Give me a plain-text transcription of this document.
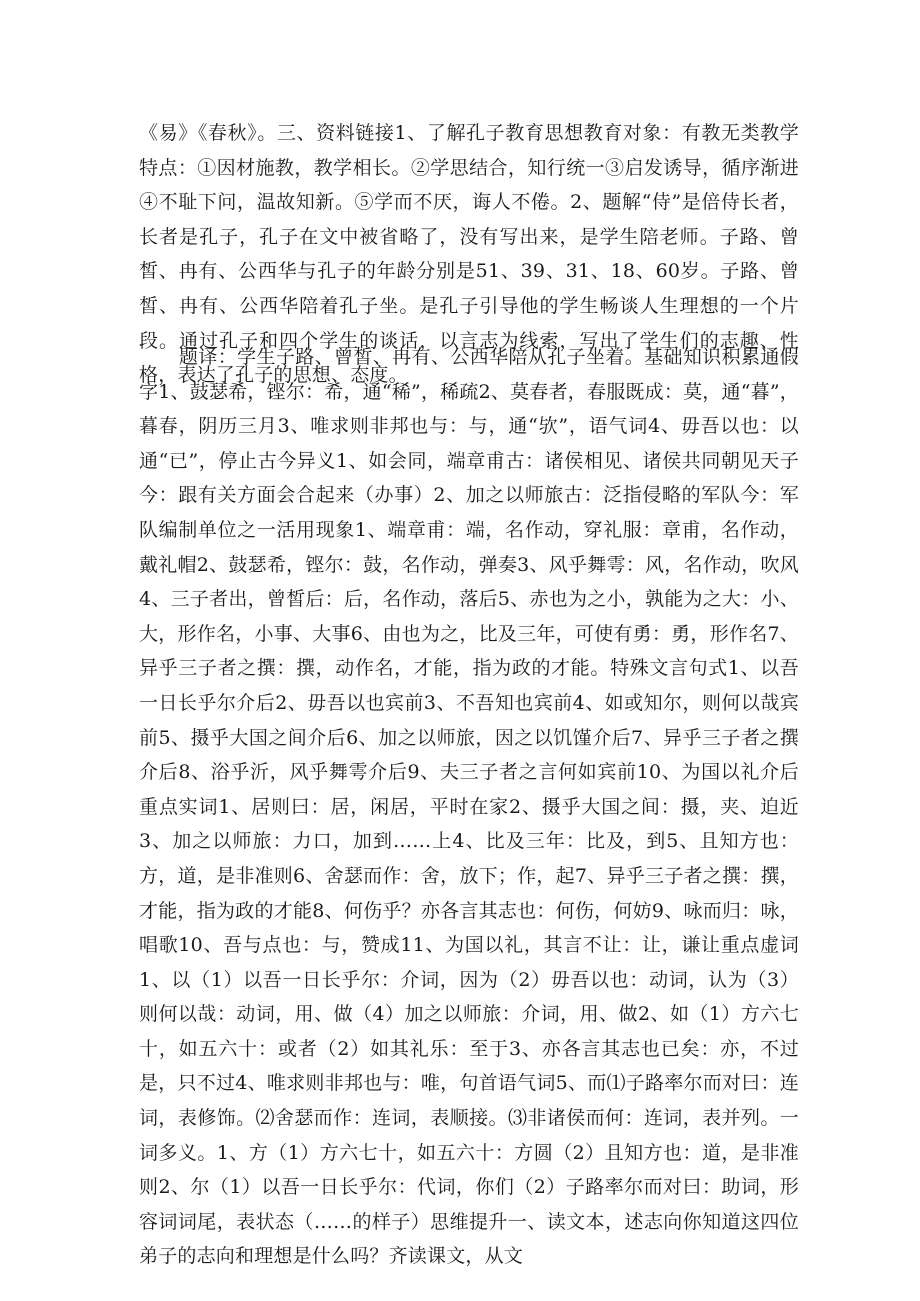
《易》《春秋》。三、资料链接1、了解孔子教育思想教育对象：有教无类教学特点：①因材施教，教学相长。②学思结合，知行统一③启发诱导，循序渐进④不耻下问，温故知新。⑤学而不厌，诲人不倦。2、题解“侍”是倍侍长者，长者是孔子，孔子在文中被省略了，没有写出来，是学生陪老师。子路、曾皙、冉有、公西华与孔子的年龄分别是51、39、31、18、60岁。子路、曾皙、冉有、公西华陪着孔子坐。是孔子引导他的学生畅谈人生理想的一个片段。通过孔子和四个学生的谈话，以言志为线索，写出了学生们的志趣、性格，表达了孔子的思想、态度。

题译：学生子路、曾皙、冉有、公西华陪从孔子坐着。基础知识积累通假字1、鼓瑟希，铿尔：希，通“稀”，稀疏2、莫春者，春服既成：莫，通“暮”，暮春，阴历三月3、唯求则非邦也与：与，通“欤”，语气词4、毋吾以也：以通“已”，停止古今异义1、如会同，端章甫古：诸侯相见、诸侯共同朝见天子今：跟有关方面会合起来（办事）2、加之以师旅古：泛指侵略的军队今：军队编制单位之一活用现象1、端章甫：端，名作动，穿礼服：章甫，名作动，戴礼帽2、鼓瑟希，铿尔：鼓，名作动，弹奏3、风乎舞雩：风，名作动，吹风4、三子者出，曾皙后：后，名作动，落后5、赤也为之小，孰能为之大：小、大，形作名，小事、大事6、由也为之，比及三年，可使有勇：勇，形作名7、异乎三子者之撰：撰，动作名，才能，指为政的才能。特殊文言句式1、以吾一日长乎尔介后2、毋吾以也宾前3、不吾知也宾前4、如或知尔，则何以哉宾前5、摄乎大国之间介后6、加之以师旅，因之以饥馑介后7、异乎三子者之撰介后8、浴乎沂，风乎舞雩介后9、夫三子者之言何如宾前10、为国以礼介后重点实词1、居则曰：居，闲居，平时在家2、摄乎大国之间：摄，夹、迫近3、加之以师旅：力口，加到……上4、比及三年：比及，到5、且知方也：方，道，是非准则6、舍瑟而作：舍，放下；作，起7、异乎三子者之撰：撰，才能，指为政的才能8、何伤乎？亦各言其志也：何伤，何妨9、咏而归：咏，唱歌10、吾与点也：与，赞成11、为国以礼，其言不让：让，谦让重点虚词1、以（1）以吾一日长乎尔：介词，因为（2）毋吾以也：动词，认为（3）则何以哉：动词，用、做（4）加之以师旅：介词，用、做2、如（1）方六七十，如五六十：或者（2）如其礼乐：至于3、亦各言其志也已矣：亦，不过是，只不过4、唯求则非邦也与：唯，句首语气词5、而⑴子路率尔而对曰：连词，表修饰。⑵舍瑟而作：连词，表顺接。⑶非诸侯而何：连词，表并列。一词多义。1、方（1）方六七十，如五六十：方圆（2）且知方也：道，是非准则2、尔（1）以吾一日长乎尔：代词，你们（2）子路率尔而对曰：助词，形容词词尾，表状态（……的样子）思维提升一、读文本，述志向你知道这四位弟子的志向和理想是什么吗？齐读课文，从文
